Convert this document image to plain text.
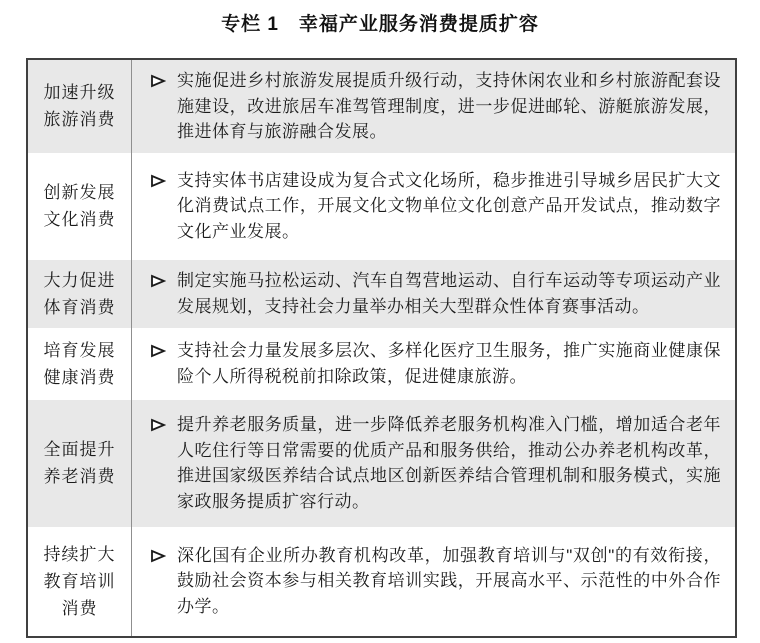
专栏 1　幸福产业服务消费提质扩容
加速升级旅游消费
实施促进乡村旅游发展提质升级行动，支持休闲农业和乡村旅游配套设施建设，改进旅居车准驾管理制度，进一步促进邮轮、游艇旅游发展，推进体育与旅游融合发展。
创新发展文化消费
支持实体书店建设成为复合式文化场所，稳步推进引导城乡居民扩大文化消费试点工作，开展文化文物单位文化创意产品开发试点，推动数字文化产业发展。
大力促进体育消费
制定实施马拉松运动、汽车自驾营地运动、自行车运动等专项运动产业发展规划，支持社会力量举办相关大型群众性体育赛事活动。
培育发展健康消费
支持社会力量发展多层次、多样化医疗卫生服务，推广实施商业健康保险个人所得税税前扣除政策，促进健康旅游。
全面提升养老消费
提升养老服务质量，进一步降低养老服务机构准入门槛，增加适合老年人吃住行等日常需要的优质产品和服务供给，推动公办养老机构改革，推进国家级医养结合试点地区创新医养结合管理机制和服务模式，实施家政服务提质扩容行动。
持续扩大教育培训消费
深化国有企业所办教育机构改革，加强教育培训与"双创"的有效衔接，鼓励社会资本参与相关教育培训实践，开展高水平、示范性的中外合作办学。
